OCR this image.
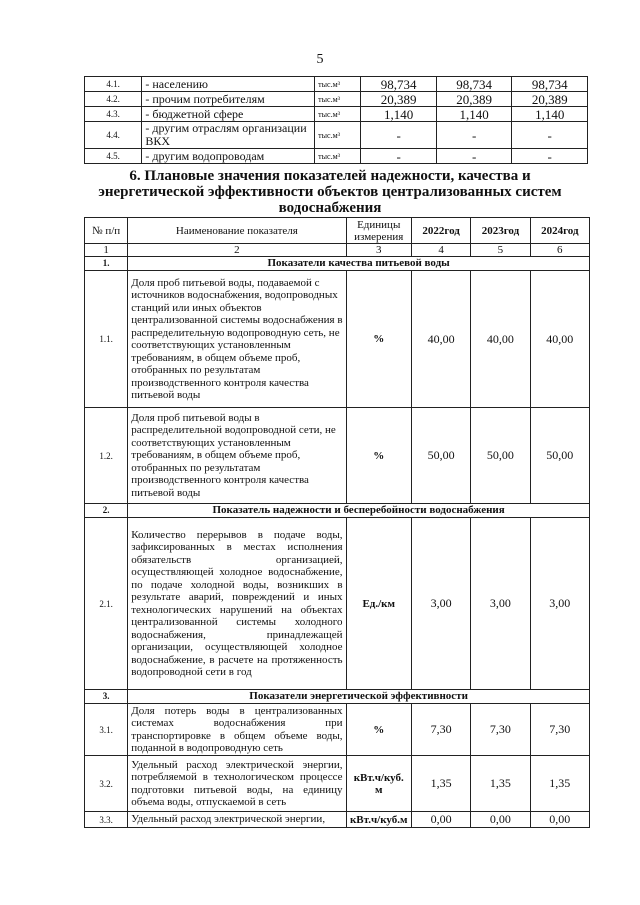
5
4.1.	- населению	тыс.м³	98,734	98,734	98,734
4.2.	- прочим потребителям	тыс.м³	20,389	20,389	20,389
4.3.	- бюджетной сфере	тыс.м³	1,140	1,140	1,140
4.4.	- другим отраслям организации ВКХ	тыс.м³	-	-	-
4.5.	- другим водопроводам	тыс.м³	-	-	-
6. Плановые значения показателей надежности, качества и энергетической эффективности объектов централизованных систем водоснабжения
№ п/п	Наименование показателя	Единицы измерения	2022год	2023год	2024год
1	2	3	4	5	6
1.	Показатели качества питьевой воды				
1.1.	Доля проб питьевой воды, подаваемой с источников водоснабжения, водопроводных станций или иных объектов централизованной системы водоснабжения в распределительную водопроводную сеть, не соответствующих установленным требованиям, в общем объеме проб, отобранных по результатам производственного контроля качества питьевой воды	%	40,00	40,00	40,00
1.2.	Доля проб питьевой воды в распределительной водопроводной сети, не соответствующих установленным требованиям, в общем объеме проб, отобранных по результатам производственного контроля качества питьевой воды	%	50,00	50,00	50,00
2.	Показатель надежности и бесперебойности водоснабжения				
2.1.	Количество перерывов в подаче воды, зафиксированных в местах исполнения обязательств организацией, осуществляющей холодное водоснабжение, по подаче холодной воды, возникших в результате аварий, повреждений и иных технологических нарушений на объектах централизованной системы холодного водоснабжения, принадлежащей организации, осуществляющей холодное водоснабжение, в расчете на протяженность водопроводной сети в год	Ед./км	3,00	3,00	3,00
3.	Показатели энергетической эффективности				
3.1.	Доля потерь воды в централизованных системах водоснабжения при транспортировке в общем объеме воды, поданной в водопроводную сеть	%	7,30	7,30	7,30
3.2.	Удельный расход электрической энергии, потребляемой в технологическом процессе подготовки питьевой воды, на единицу объема воды, отпускаемой в сеть	кВт.ч/куб. м	1,35	1,35	1,35
3.3.	Удельный расход электрической энергии,	кВт.ч/куб.м	0,00	0,00	0,00
